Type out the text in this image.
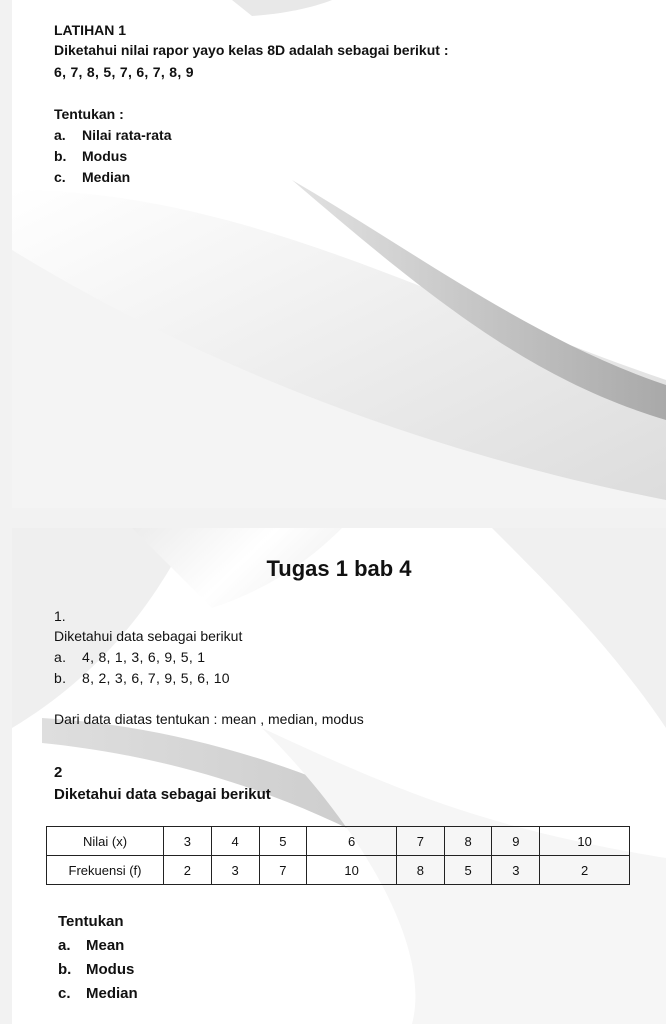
LATIHAN 1

Diketahui nilai rapor yayo kelas 8D adalah sebagai berikut :

6, 7, 8, 5, 7, 6, 7, 8, 9

Tentukan :

a. Nilai rata-rata
b. Modus
c. Median

Tugas 1 bab 4

1.

Diketahui data sebagai berikut

a. 4, 8, 1, 3, 6, 9, 5, 1
b. 8, 2, 3, 6, 7, 9, 5, 6, 10

Dari data diatas tentukan : mean , median, modus

2

Diketahui data sebagai berikut

Nilai (x)	3	4	5	6	7	8	9	10
Frekuensi (f)	2	3	7	10	8	5	3	2

Tentukan

a. Mean
b. Modus
c. Median
